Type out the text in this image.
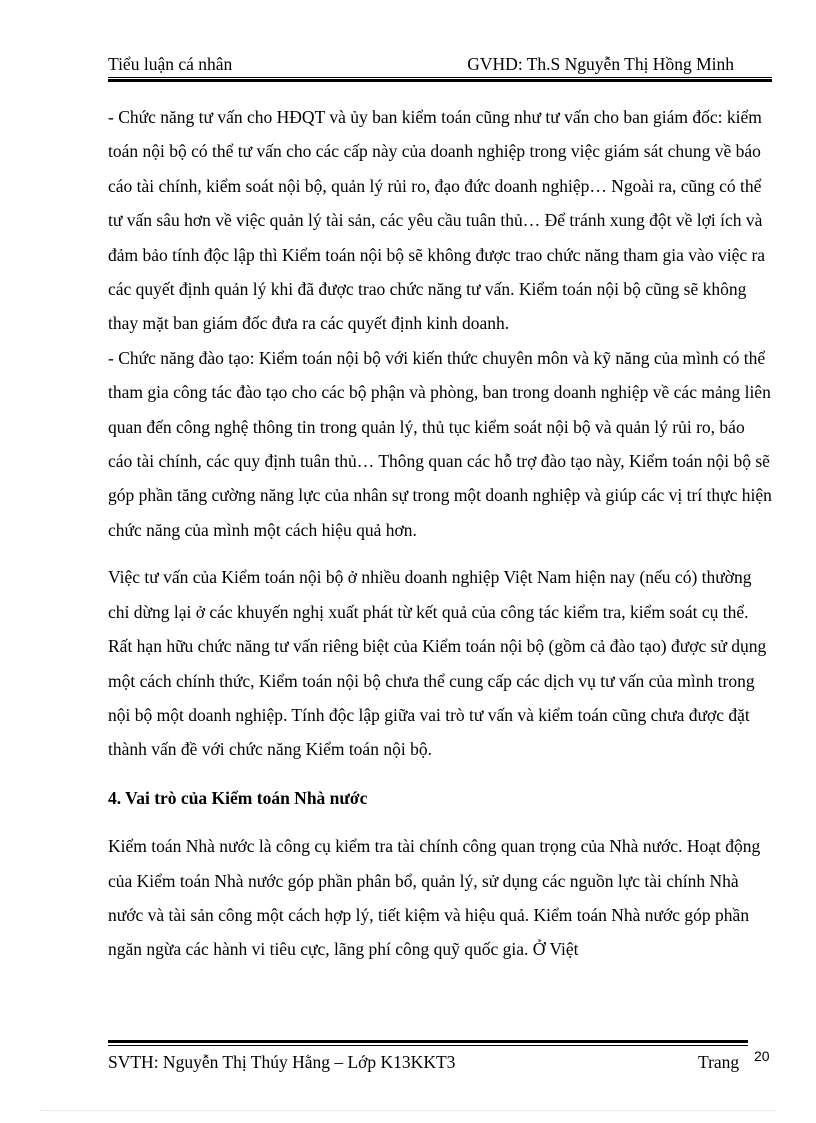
Tiểu luận cá nhân	GVHD: Th.S Nguyễn Thị Hồng Minh

- Chức năng tư vấn cho HĐQT và ủy ban kiểm toán cũng như tư vấn cho ban giám đốc: kiểm toán nội bộ có thể tư vấn cho các cấp này của doanh nghiệp trong việc giám sát chung về báo cáo tài chính, kiểm soát nội bộ, quản lý rủi ro, đạo đức doanh nghiệp… Ngoài ra, cũng có thể tư vấn sâu hơn về việc quản lý tài sản, các yêu cầu tuân thủ… Để tránh xung đột về lợi ích và đảm bảo tính độc lập thì Kiểm toán nội bộ sẽ không được trao chức năng tham gia vào việc ra các quyết định quản lý khi đã được trao chức năng tư vấn. Kiểm toán nội bộ cũng sẽ không thay mặt ban giám đốc đưa ra các quyết định kinh doanh.

- Chức năng đào tạo: Kiểm toán nội bộ với kiến thức chuyên môn và kỹ năng của mình có thể tham gia công tác đào tạo cho các bộ phận và phòng, ban trong doanh nghiệp về các mảng liên quan đến công nghệ thông tin trong quản lý, thủ tục kiểm soát nội bộ và quản lý rủi ro, báo cáo tài chính, các quy định tuân thủ… Thông quan các hỗ trợ đào tạo này, Kiểm toán nội bộ sẽ góp phần tăng cường năng lực của nhân sự trong một doanh nghiệp và giúp các vị trí thực hiện chức năng của mình một cách hiệu quả hơn.

Việc tư vấn của Kiểm toán nội bộ ở nhiều doanh nghiệp Việt Nam hiện nay (nếu có) thường chỉ dừng lại ở các khuyến nghị xuất phát từ kết quả của công tác kiểm tra, kiểm soát cụ thể. Rất hạn hữu chức năng tư vấn riêng biệt của Kiểm toán nội bộ (gồm cả đào tạo) được sử dụng một cách chính thức, Kiểm toán nội bộ chưa thể cung cấp các dịch vụ tư vấn của mình trong nội bộ một doanh nghiệp. Tính độc lập giữa vai trò tư vấn và kiểm toán cũng chưa được đặt thành vấn đề với chức năng Kiểm toán nội bộ.

4. Vai trò của Kiểm toán Nhà nước

Kiểm toán Nhà nước là công cụ kiểm tra tài chính công quan trọng của Nhà nước. Hoạt động của Kiểm toán Nhà nước góp phần phân bổ, quản lý, sử dụng các nguồn lực tài chính Nhà nước và tài sản công một cách hợp lý, tiết kiệm và hiệu quả. Kiểm toán Nhà nước góp phần ngăn ngừa các hành vi tiêu cực, lãng phí công quỹ quốc gia. Ở Việt

SVTH: Nguyễn Thị Thúy Hằng – Lớp K13KKT3	Trang 20
